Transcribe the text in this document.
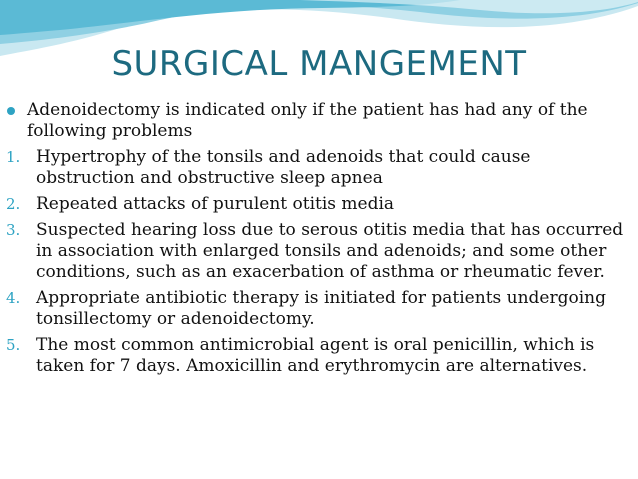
SURGICAL MANGEMENT
Adenoidectomy is indicated only if the patient has had any of the following problems
1. Hypertrophy of the tonsils and adenoids that could cause obstruction and obstructive sleep apnea
2. Repeated attacks of purulent otitis media
3. Suspected hearing loss due to serous otitis media that has occurred in association with enlarged tonsils and adenoids; and some other conditions, such as an exacerbation of asthma or rheumatic fever.
4. Appropriate antibiotic therapy is initiated for patients undergoing tonsillectomy or adenoidectomy.
5. The most common antimicrobial agent is oral penicillin, which is taken for 7 days. Amoxicillin and erythromycin are alternatives.
